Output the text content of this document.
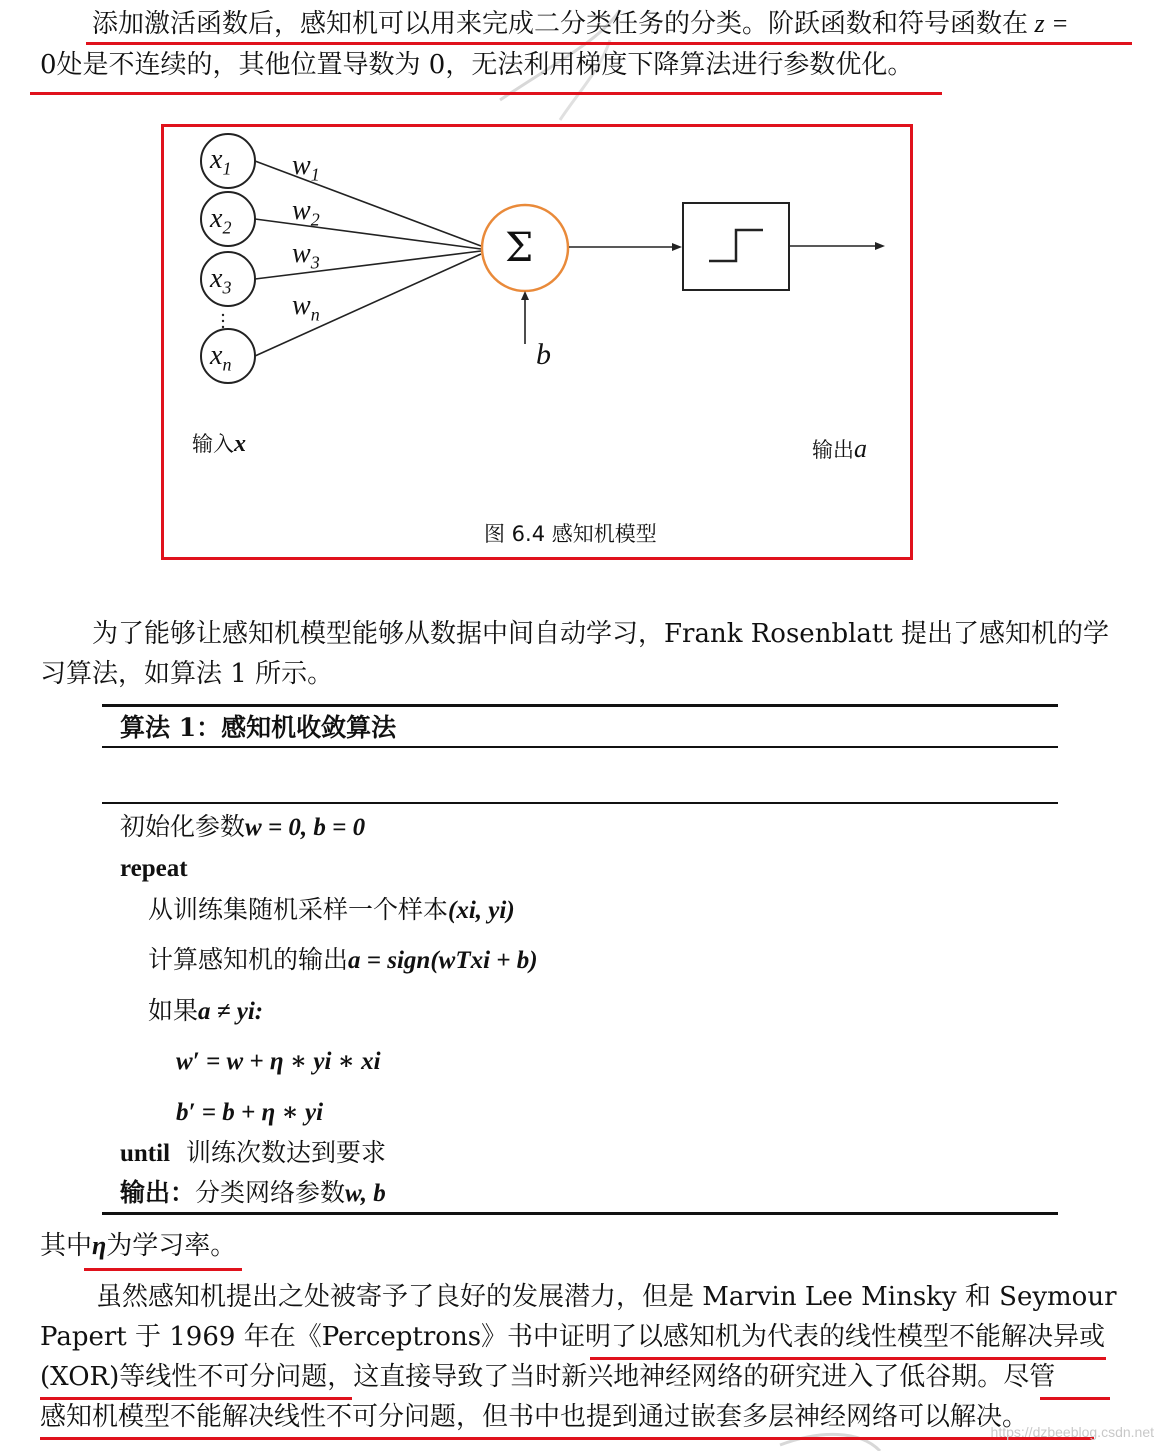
添加激活函数后，感知机可以用来完成二分类任务的分类。阶跃函数和符号函数在 z =
0处是不连续的，其他位置导数为 0，无法利用梯度下降算法进行参数优化。
$x_1$
$x_2$
$x_3$
$x_n$
$w_1$
$w_2$
$w_3$
$w_n$
Σ
b
输入x	输出a
图 6.4 感知机模型
为了能够让感知机模型能够从数据中间自动学习，Frank Rosenblatt 提出了感知机的学
习算法，如算法 1 所示。
算法 1：感知机收敛算法
初始化参数w = 0, b = 0
repeat
从训练集随机采样一个样本(xi, yi)
计算感知机的输出a = sign(wTxi + b)
如果a ≠ yi:
w′ = w + η ∗ yi ∗ xi
b′ = b + η ∗ yi
until 训练次数达到要求
输出：分类网络参数w, b
其中η为学习率。
虽然感知机提出之处被寄予了良好的发展潜力，但是 Marvin Lee Minsky 和 Seymour
Papert 于 1969 年在《Perceptrons》书中证明了以感知机为代表的线性模型不能解决异或
(XOR)等线性不可分问题，这直接导致了当时新兴地神经网络的研究进入了低谷期。尽管
感知机模型不能解决线性不可分问题，但书中也提到通过嵌套多层神经网络可以解决。
https://dzbeeblog.csdn.net
